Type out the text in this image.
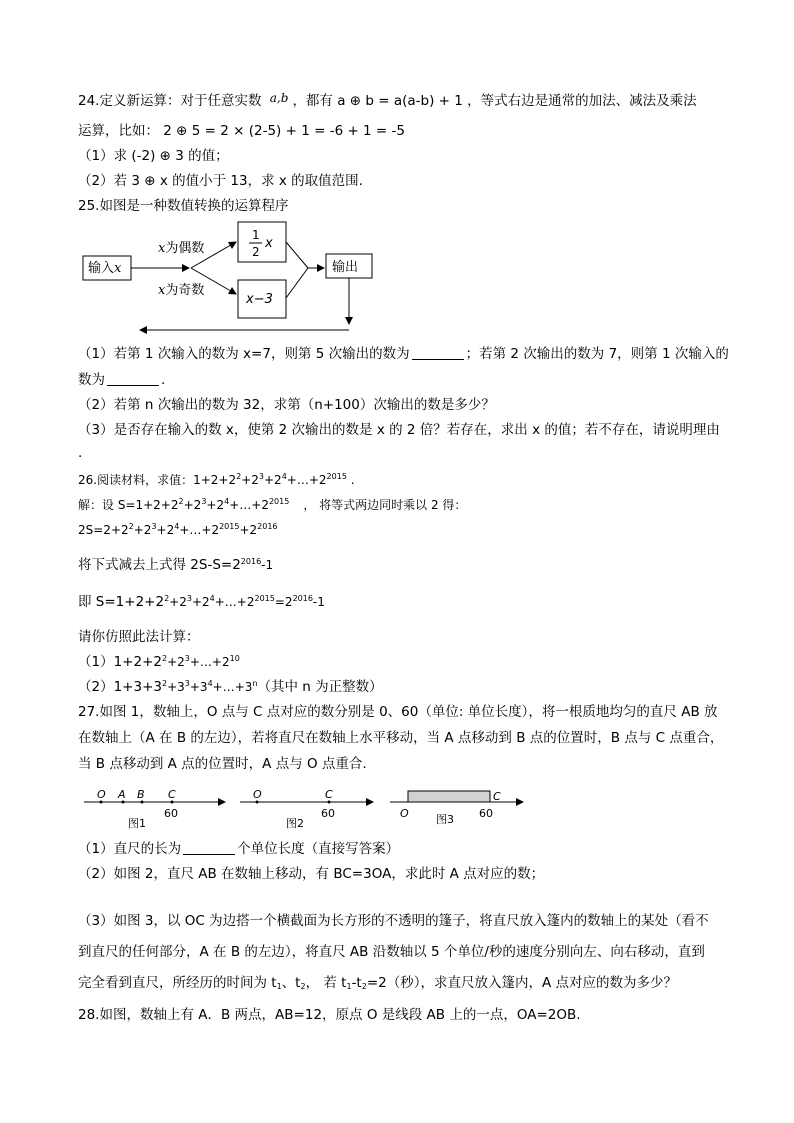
24.定义新运算：对于任意实数 a,b ，都有 a ⊕ b = a(a-b) + 1 ，等式右边是通常的加法、减法及乘法
运算，比如： 2 ⊕ 5 = 2 × (2-5) + 1 = -6 + 1 = -5
（1）求 (-2) ⊕ 3 的值；
（2）若 3 ⊕ x 的值小于 13，求 x 的取值范围.
25.如图是一种数值转换的运算程序
输入x
x为偶数
x为奇数
1
2
x
x−3
输出
（1）若第 1 次输入的数为 x=7，则第 5 次输出的数为	；若第 2 次输出的数为 7，则第 1 次输入的
数为	.
（2）若第 n 次输出的数为 32，求第（n+100）次输出的数是多少？
（3）是否存在输入的数 x，使第 2 次输出的数是 x 的 2 倍？若存在，求出 x 的值；若不存在，请说明理由
.
26.阅读材料，求值：$1+2+2^2+2^3+2^4+\dots+2^{2015}$ .
解：设 $S=1+2+2^2+2^3+2^4+\dots+2^{2015}$ ， 将等式两边同时乘以 2 得：
$2S=2+2^2+2^3+2^4+\dots+2^{2015}+2^{2016}$
将下式减去上式得 $2S-S=2^{2016}-1$
即 $S=1+2+2^2+2^3+2^4+\dots+2^{2015}=2^{2016}-1$
请你仿照此法计算：
$(1)1+2+2^2+2^3+\dots+2^{10}$
$(2)1+3+3^2+3^3+3^4+\dots+3^n$（其中 n 为正整数）
27.如图 1，数轴上，O 点与 C 点对应的数分别是 0、60（单位: 单位长度），将一根质地均匀的直尺 AB 放
在数轴上（A 在 B 的左边），若将直尺在数轴上水平移动，当 A 点移动到 B 点的位置时，B 点与 C 点重合，
当 B 点移动到 A 点的位置时，A 点与 O 点重合.
O A B C
60
图1
O	C
60
图2
C
O	60
图3
（1）直尺的长为	个单位长度（直接写答案）
（2）如图 2，直尺 AB 在数轴上移动，有 BC=3OA，求此时 A 点对应的数；
（3）如图 3，以 OC 为边搭一个横截面为长方形的不透明的篷子，将直尺放入篷内的数轴上的某处（看不
到直尺的任何部分，A 在 B 的左边），将直尺 AB 沿数轴以 5 个单位/秒的速度分别向左、向右移动，直到
完全看到直尺，所经历的时间为 $t_1$、$t_2$， 若 $t_1-t_2=2$（秒），求直尺放入篷内，A 点对应的数为多少？
28.如图，数轴上有 A．B 两点，AB=12，原点 O 是线段 AB 上的一点，OA=2OB.
